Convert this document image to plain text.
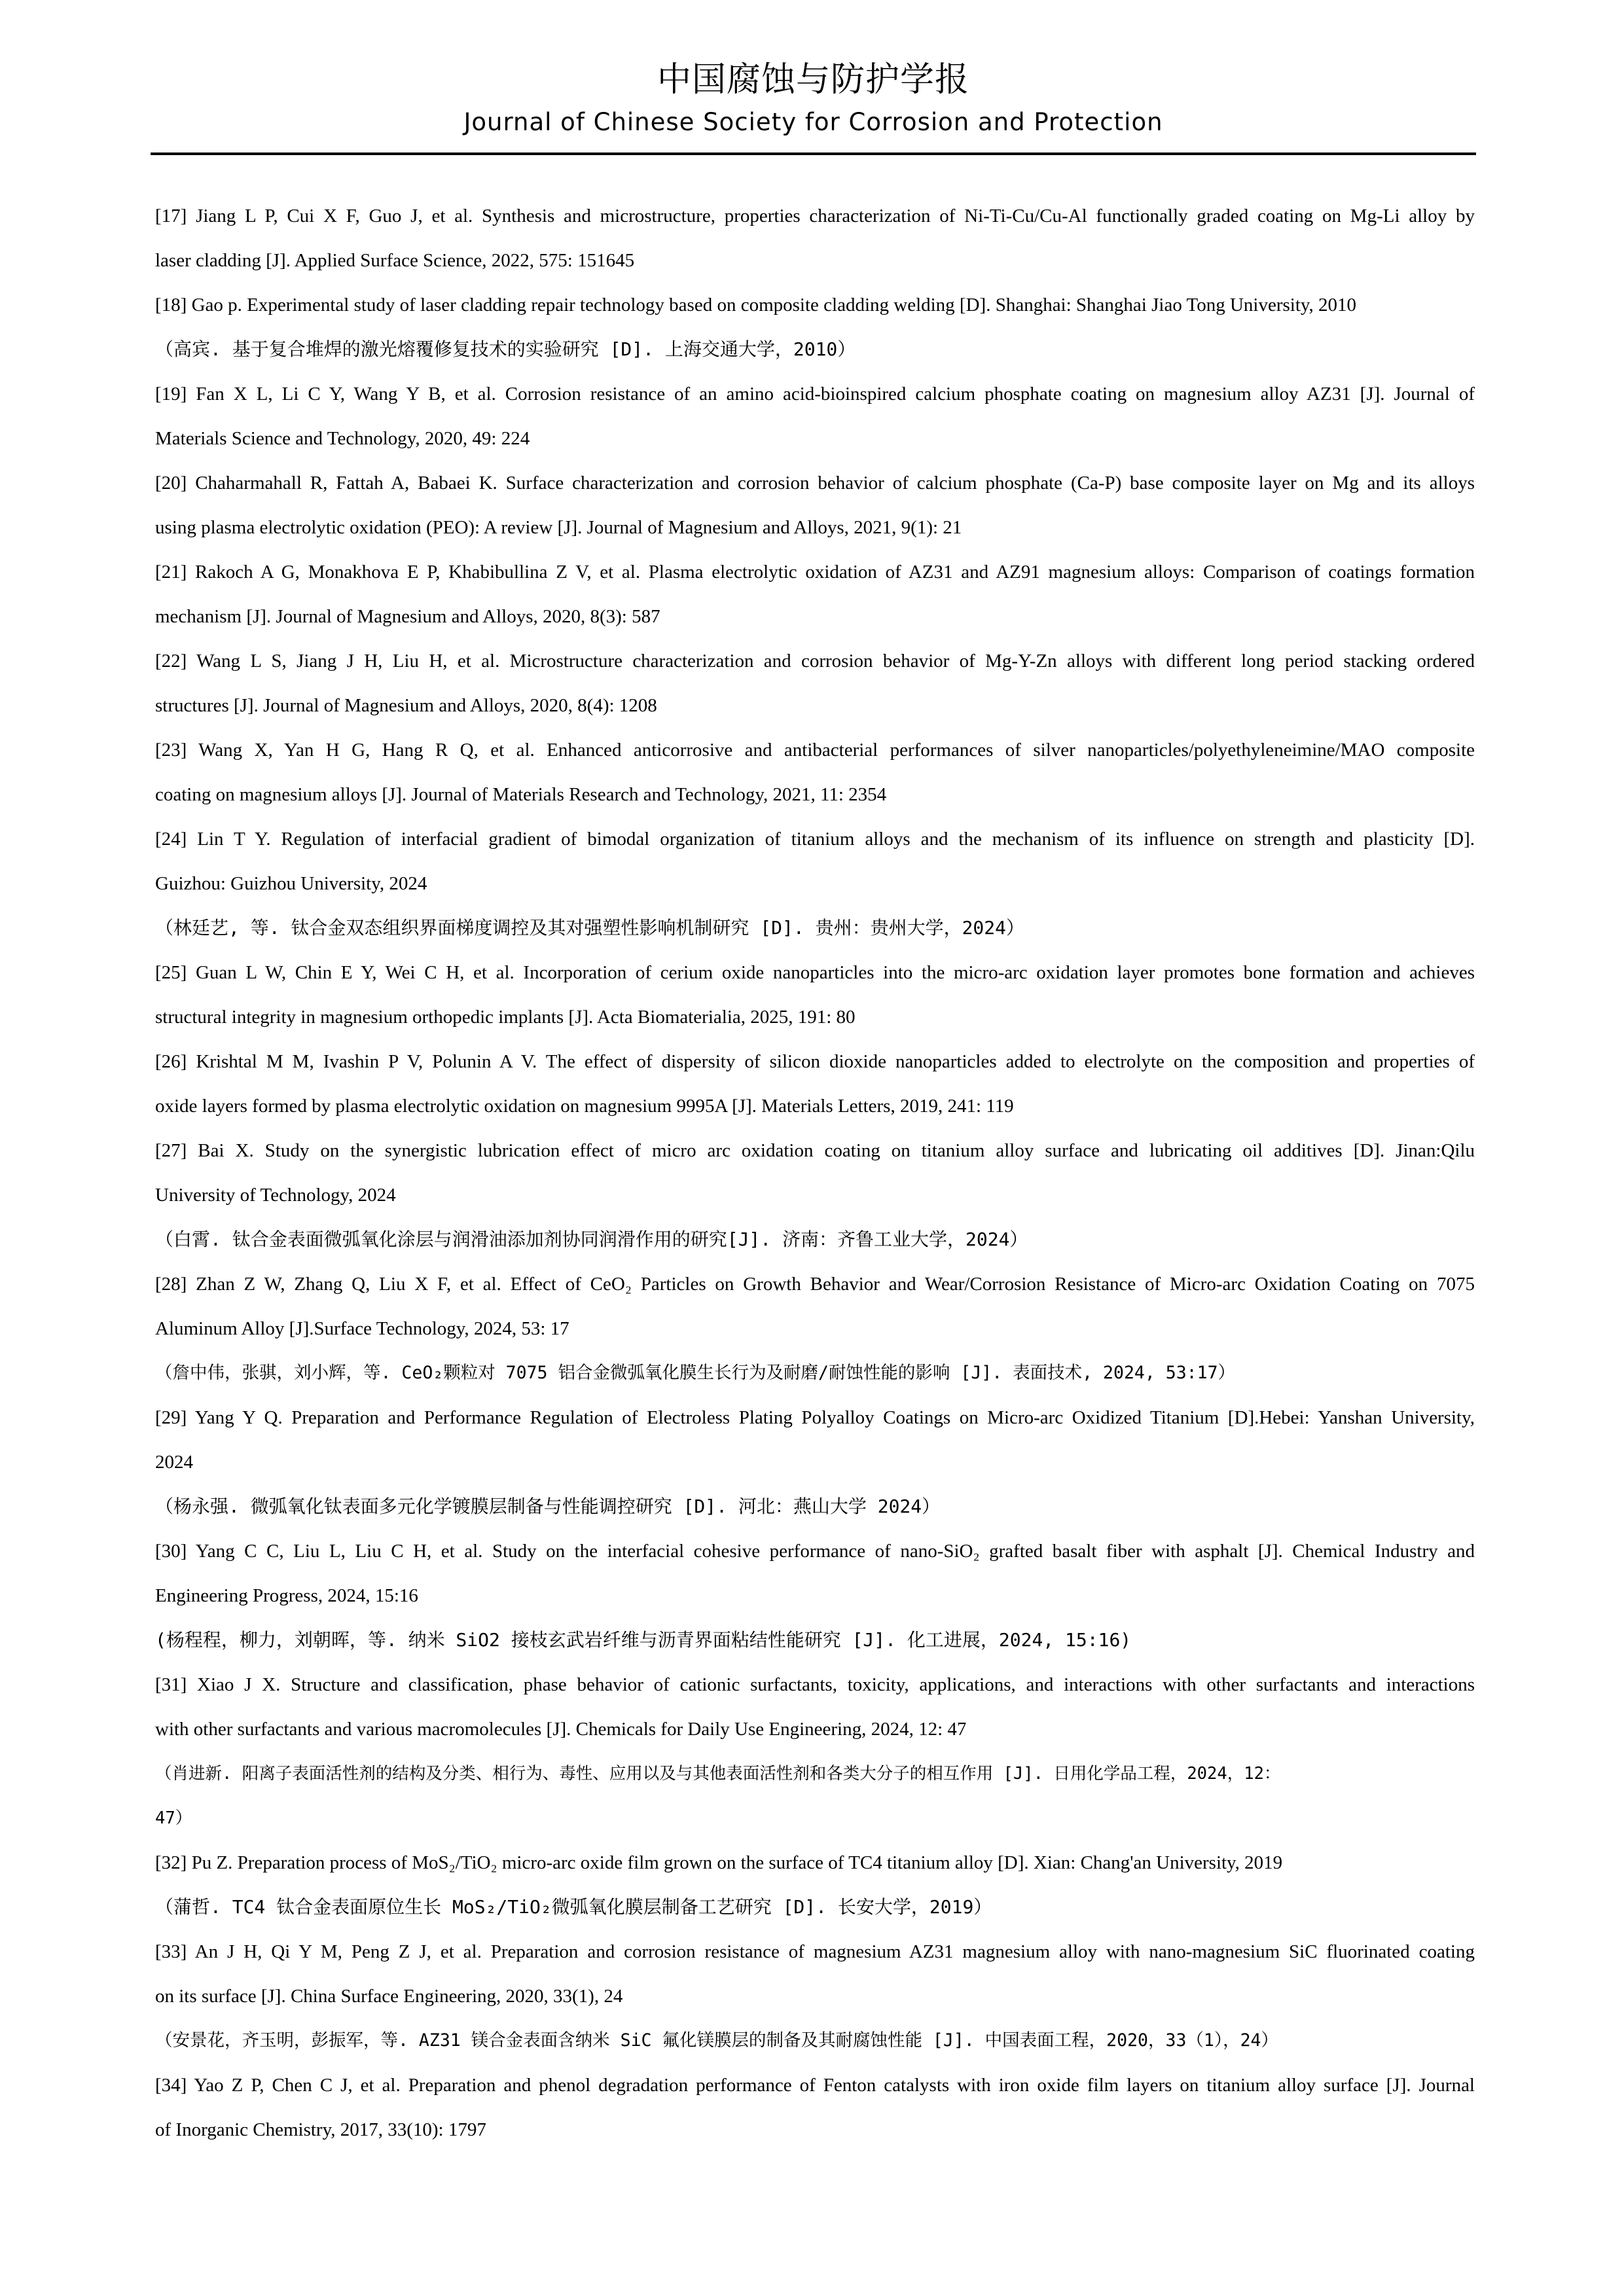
中国腐蚀与防护学报
Journal of Chinese Society for Corrosion and Protection
[17] Jiang L P, Cui X F, Guo J, et al. Synthesis and microstructure, properties characterization of Ni-Ti-Cu/Cu-Al functionally graded coating on Mg-Li alloy by
laser cladding [J]. Applied Surface Science, 2022, 575: 151645
[18] Gao p. Experimental study of laser cladding repair technology based on composite cladding welding [D]. Shanghai: Shanghai Jiao Tong University, 2010
（高宾. 基于复合堆焊的激光熔覆修复技术的实验研究 [D]. 上海交通大学，2010）
[19] Fan X L, Li C Y, Wang Y B, et al. Corrosion resistance of an amino acid-bioinspired calcium phosphate coating on magnesium alloy AZ31 [J]. Journal of
Materials Science and Technology, 2020, 49: 224
[20] Chaharmahall R, Fattah A, Babaei K. Surface characterization and corrosion behavior of calcium phosphate (Ca-P) base composite layer on Mg and its alloys
using plasma electrolytic oxidation (PEO): A review [J]. Journal of Magnesium and Alloys, 2021, 9(1): 21
[21] Rakoch A G, Monakhova E P, Khabibullina Z V, et al. Plasma electrolytic oxidation of AZ31 and AZ91 magnesium alloys: Comparison of coatings formation
mechanism [J]. Journal of Magnesium and Alloys, 2020, 8(3): 587
[22] Wang L S, Jiang J H, Liu H, et al. Microstructure characterization and corrosion behavior of Mg-Y-Zn alloys with different long period stacking ordered
structures [J]. Journal of Magnesium and Alloys, 2020, 8(4): 1208
[23] Wang X, Yan H G, Hang R Q, et al. Enhanced anticorrosive and antibacterial performances of silver nanoparticles/polyethyleneimine/MAO composite
coating on magnesium alloys [J]. Journal of Materials Research and Technology, 2021, 11: 2354
[24] Lin T Y. Regulation of interfacial gradient of bimodal organization of titanium alloys and the mechanism of its influence on strength and plasticity [D].
Guizhou: Guizhou University, 2024
（林廷艺, 等. 钛合金双态组织界面梯度调控及其对强塑性影响机制研究 [D]. 贵州：贵州大学，2024）
[25] Guan L W, Chin E Y, Wei C H, et al. Incorporation of cerium oxide nanoparticles into the micro-arc oxidation layer promotes bone formation and achieves
structural integrity in magnesium orthopedic implants [J]. Acta Biomaterialia, 2025, 191: 80
[26] Krishtal M M, Ivashin P V, Polunin A V. The effect of dispersity of silicon dioxide nanoparticles added to electrolyte on the composition and properties of
oxide layers formed by plasma electrolytic oxidation on magnesium 9995A [J]. Materials Letters, 2019, 241: 119
[27] Bai X. Study on the synergistic lubrication effect of micro arc oxidation coating on titanium alloy surface and lubricating oil additives [D]. Jinan:Qilu
University of Technology, 2024
（白霄. 钛合金表面微弧氧化涂层与润滑油添加剂协同润滑作用的研究[J]. 济南：齐鲁工业大学，2024）
[28] Zhan Z W, Zhang Q, Liu X F, et al. Effect of CeO₂ Particles on Growth Behavior and Wear/Corrosion Resistance of Micro-arc Oxidation Coating on 7075
Aluminum Alloy [J].Surface Technology, 2024, 53: 17
（詹中伟，张骐，刘小辉，等. CeO₂颗粒对 7075 铝合金微弧氧化膜生长行为及耐磨/耐蚀性能的影响 [J]. 表面技术, 2024, 53:17）
[29] Yang Y Q. Preparation and Performance Regulation of Electroless Plating Polyalloy Coatings on Micro-arc Oxidized Titanium [D].Hebei: Yanshan University,
2024
（杨永强. 微弧氧化钛表面多元化学镀膜层制备与性能调控研究 [D]. 河北：燕山大学 2024）
[30] Yang C C, Liu L, Liu C H, et al. Study on the interfacial cohesive performance of nano-SiO₂ grafted basalt fiber with asphalt [J]. Chemical Industry and
Engineering Progress, 2024, 15:16
(杨程程，柳力，刘朝晖，等. 纳米 SiO2 接枝玄武岩纤维与沥青界面粘结性能研究 [J]. 化工进展，2024, 15:16)
[31] Xiao J X. Structure and classification, phase behavior of cationic surfactants, toxicity, applications, and interactions with other surfactants and interactions
with other surfactants and various macromolecules [J]. Chemicals for Daily Use Engineering, 2024, 12: 47
（肖进新. 阳离子表面活性剂的结构及分类、相行为、毒性、应用以及与其他表面活性剂和各类大分子的相互作用 [J]. 日用化学品工程，2024，12：
47）
[32] Pu Z. Preparation process of MoS₂/TiO₂ micro-arc oxide film grown on the surface of TC4 titanium alloy [D]. Xian: Chang'an University, 2019
（蒲哲. TC4 钛合金表面原位生长 MoS₂/TiO₂微弧氧化膜层制备工艺研究 [D]. 长安大学，2019）
[33] An J H, Qi Y M, Peng Z J, et al. Preparation and corrosion resistance of magnesium AZ31 magnesium alloy with nano-magnesium SiC fluorinated coating
on its surface [J]. China Surface Engineering, 2020, 33(1), 24
（安景花，齐玉明，彭振军，等. AZ31 镁合金表面含纳米 SiC 氟化镁膜层的制备及其耐腐蚀性能 [J]. 中国表面工程，2020，33（1），24）
[34] Yao Z P, Chen C J, et al. Preparation and phenol degradation performance of Fenton catalysts with iron oxide film layers on titanium alloy surface [J]. Journal
of Inorganic Chemistry, 2017, 33(10): 1797
